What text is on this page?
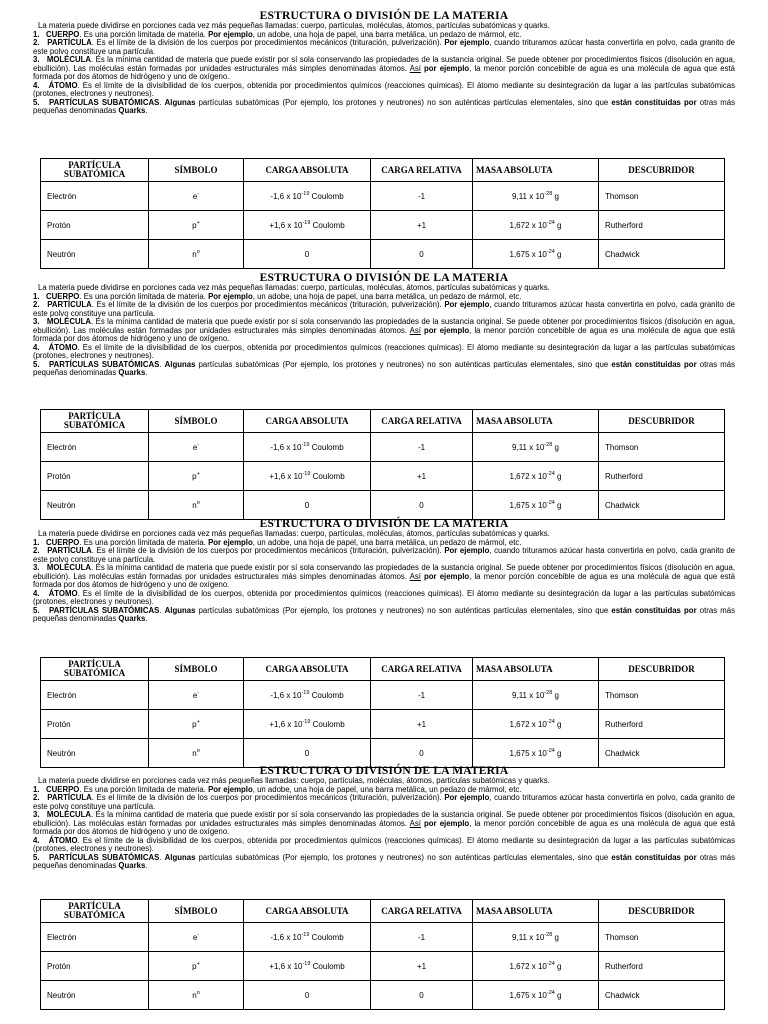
ESTRUCTURA O DIVISIÓN DE LA MATERIA

La materia puede dividirse en porciones cada vez más pequeñas llamadas: cuerpo, partículas, moléculas, átomos, partículas subatómicas y quarks.

1. CUERPO. Es una porción limitada de materia. Por ejemplo, un adobe, una hoja de papel, una barra metálica, un pedazo de mármol, etc.

2. PARTÍCULA. Es el límite de la división de los cuerpos por procedimientos mecánicos (trituración, pulverización). Por ejemplo, cuando trituramos azúcar hasta convertirla en polvo, cada granito de este polvo constituye una partícula.

3. MOLÉCULA. Es la mínima cantidad de materia que puede existir por sí sola conservando las propiedades de la sustancia original. Se puede obtener por procedimientos físicos (disolución en agua, ebullición). Las moléculas están formadas por unidades estructurales más simples denominadas átomos. Así por ejemplo, la menor porción concebible de agua es una molécula de agua que está formada por dos átomos de hidrógeno y uno de oxígeno.

4. ÁTOMO. Es el límite de la divisibilidad de los cuerpos, obtenida por procedimientos químicos (reacciones químicas). El átomo mediante su desintegración da lugar a las partículas subatómicas (protones, electrones y neutrones).

5. PARTÍCULAS SUBATÓMICAS. Algunas partículas subatómicas (Por ejemplo, los protones y neutrones) no son auténticas partículas elementales, sino que están constituidas por otras más pequeñas denominadas Quarks.

PARTÍCULA SUBATÓMICA	SÍMBOLO	CARGA ABSOLUTA	CARGA RELATIVA	MASA ABSOLUTA	DESCUBRIDOR
Electrón	e-	-1,6 x $10^{-19}$ Coulomb	-1	9,11 x $10^{-28}$ g	Thomson
Protón	p+	+1,6 x $10^{-19}$ Coulomb	+1	1,672 x $10^{-24}$ g	Rutherford
Neutrón	$n^o$	0	0	1,675 x $10^{-24}$ g	Chadwick
ESTRUCTURA O DIVISIÓN DE LA MATERIA

La materia puede dividirse en porciones cada vez más pequeñas llamadas: cuerpo, partículas, moléculas, átomos, partículas subatómicas y quarks.

1. CUERPO. Es una porción limitada de materia. Por ejemplo, un adobe, una hoja de papel, una barra metálica, un pedazo de mármol, etc.

2. PARTÍCULA. Es el límite de la división de los cuerpos por procedimientos mecánicos (trituración, pulverización). Por ejemplo, cuando trituramos azúcar hasta convertirla en polvo, cada granito de este polvo constituye una partícula.

3. MOLÉCULA. Es la mínima cantidad de materia que puede existir por sí sola conservando las propiedades de la sustancia original. Se puede obtener por procedimientos físicos (disolución en agua, ebullición). Las moléculas están formadas por unidades estructurales más simples denominadas átomos. Así por ejemplo, la menor porción concebible de agua es una molécula de agua que está formada por dos átomos de hidrógeno y uno de oxígeno.

4. ÁTOMO. Es el límite de la divisibilidad de los cuerpos, obtenida por procedimientos químicos (reacciones químicas). El átomo mediante su desintegración da lugar a las partículas subatómicas (protones, electrones y neutrones).

5. PARTÍCULAS SUBATÓMICAS. Algunas partículas subatómicas (Por ejemplo, los protones y neutrones) no son auténticas partículas elementales, sino que están constituidas por otras más pequeñas denominadas Quarks.

PARTÍCULA SUBATÓMICA	SÍMBOLO	CARGA ABSOLUTA	CARGA RELATIVA	MASA ABSOLUTA	DESCUBRIDOR
Electrón	e-	-1,6 x $10^{-19}$ Coulomb	-1	9,11 x $10^{-28}$ g	Thomson
Protón	p+	+1,6 x $10^{-19}$ Coulomb	+1	1,672 x $10^{-24}$ g	Rutherford
Neutrón	$n^o$	0	0	1,675 x $10^{-24}$ g	Chadwick
ESTRUCTURA O DIVISIÓN DE LA MATERIA

La materia puede dividirse en porciones cada vez más pequeñas llamadas: cuerpo, partículas, moléculas, átomos, partículas subatómicas y quarks.

1. CUERPO. Es una porción limitada de materia. Por ejemplo, un adobe, una hoja de papel, una barra metálica, un pedazo de mármol, etc.

2. PARTÍCULA. Es el límite de la división de los cuerpos por procedimientos mecánicos (trituración, pulverización). Por ejemplo, cuando trituramos azúcar hasta convertirla en polvo, cada granito de este polvo constituye una partícula.

3. MOLÉCULA. Es la mínima cantidad de materia que puede existir por sí sola conservando las propiedades de la sustancia original. Se puede obtener por procedimientos físicos (disolución en agua, ebullición). Las moléculas están formadas por unidades estructurales más simples denominadas átomos. Así por ejemplo, la menor porción concebible de agua es una molécula de agua que está formada por dos átomos de hidrógeno y uno de oxígeno.

4. ÁTOMO. Es el límite de la divisibilidad de los cuerpos, obtenida por procedimientos químicos (reacciones químicas). El átomo mediante su desintegración da lugar a las partículas subatómicas (protones, electrones y neutrones).

5. PARTÍCULAS SUBATÓMICAS. Algunas partículas subatómicas (Por ejemplo, los protones y neutrones) no son auténticas partículas elementales, sino que están constituidas por otras más pequeñas denominadas Quarks.

PARTÍCULA SUBATÓMICA	SÍMBOLO	CARGA ABSOLUTA	CARGA RELATIVA	MASA ABSOLUTA	DESCUBRIDOR
Electrón	e-	-1,6 x $10^{-19}$ Coulomb	-1	9,11 x $10^{-28}$ g	Thomson
Protón	p+	+1,6 x $10^{-19}$ Coulomb	+1	1,672 x $10^{-24}$ g	Rutherford
Neutrón	$n^o$	0	0	1,675 x $10^{-24}$ g	Chadwick
ESTRUCTURA O DIVISIÓN DE LA MATERIA

La materia puede dividirse en porciones cada vez más pequeñas llamadas: cuerpo, partículas, moléculas, átomos, partículas subatómicas y quarks.

1. CUERPO. Es una porción limitada de materia. Por ejemplo, un adobe, una hoja de papel, una barra metálica, un pedazo de mármol, etc.

2. PARTÍCULA. Es el límite de la división de los cuerpos por procedimientos mecánicos (trituración, pulverización). Por ejemplo, cuando trituramos azúcar hasta convertirla en polvo, cada granito de este polvo constituye una partícula.

3. MOLÉCULA. Es la mínima cantidad de materia que puede existir por sí sola conservando las propiedades de la sustancia original. Se puede obtener por procedimientos físicos (disolución en agua, ebullición). Las moléculas están formadas por unidades estructurales más simples denominadas átomos. Así por ejemplo, la menor porción concebible de agua es una molécula de agua que está formada por dos átomos de hidrógeno y uno de oxígeno.

4. ÁTOMO. Es el límite de la divisibilidad de los cuerpos, obtenida por procedimientos químicos (reacciones químicas). El átomo mediante su desintegración da lugar a las partículas subatómicas (protones, electrones y neutrones).

5. PARTÍCULAS SUBATÓMICAS. Algunas partículas subatómicas (Por ejemplo, los protones y neutrones) no son auténticas partículas elementales, sino que están constituidas por otras más pequeñas denominadas Quarks.

PARTÍCULA SUBATÓMICA	SÍMBOLO	CARGA ABSOLUTA	CARGA RELATIVA	MASA ABSOLUTA	DESCUBRIDOR
Electrón	e-	-1,6 x $10^{-19}$ Coulomb	-1	9,11 x $10^{-28}$ g	Thomson
Protón	p+	+1,6 x $10^{-19}$ Coulomb	+1	1,672 x $10^{-24}$ g	Rutherford
Neutrón	$n^o$	0	0	1,675 x $10^{-24}$ g	Chadwick
